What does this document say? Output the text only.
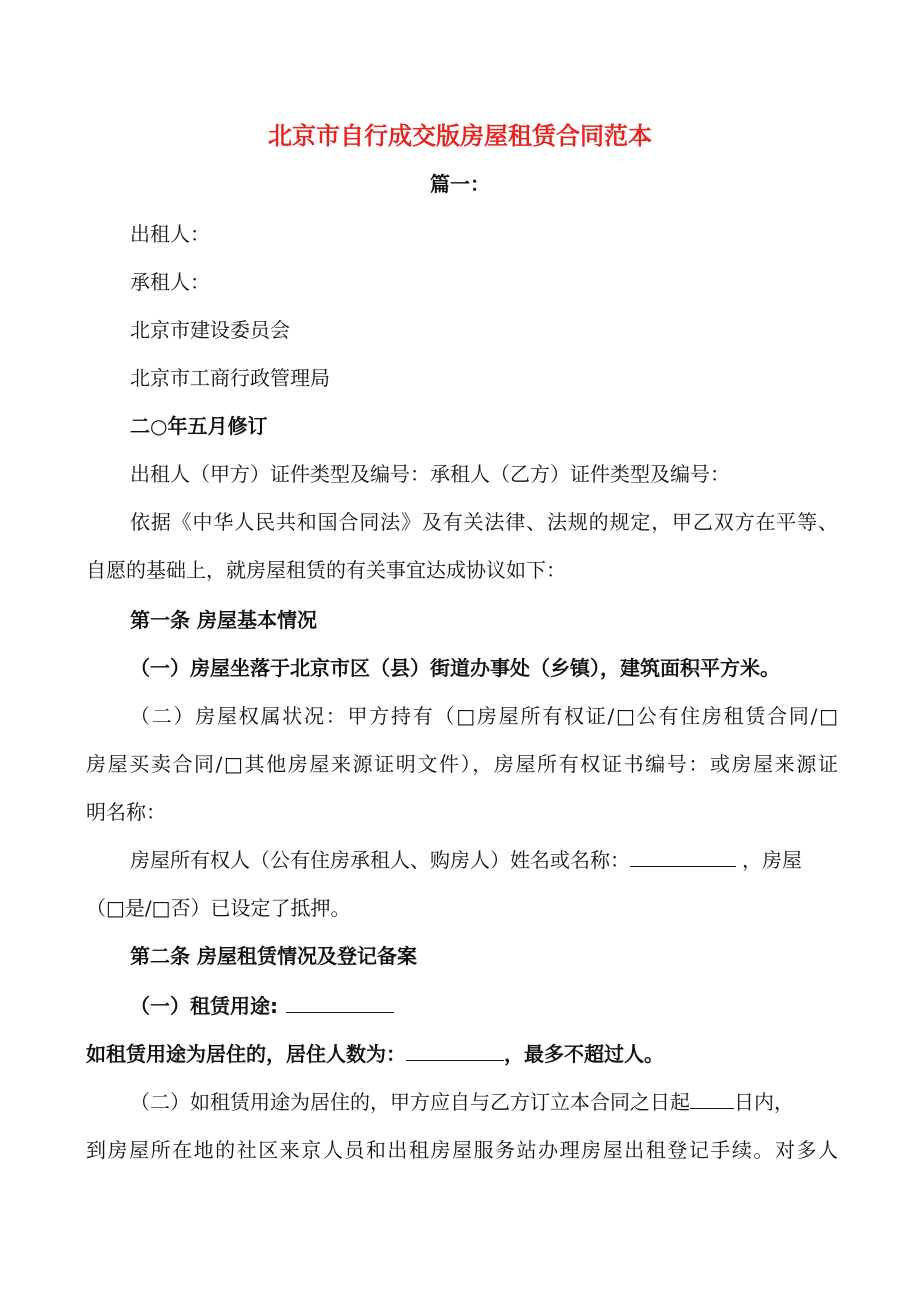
北京市自行成交版房屋租赁合同范本
篇一：
出租人：
承租人：
北京市建设委员会
北京市工商行政管理局
二○年五月修订
出租人（甲方）证件类型及编号：承租人（乙方）证件类型及编号：
依据《中华人民共和国合同法》及有关法律、法规的规定，甲乙双方在平等、
自愿的基础上，就房屋租赁的有关事宜达成协议如下：
第一条 房屋基本情况
（一）房屋坐落于北京市区（县）街道办事处（乡镇），建筑面积平方米。
（二）房屋权属状况：甲方持有（□房屋所有权证/□公有住房租赁合同/□
房屋买卖合同/□其他房屋来源证明文件），房屋所有权证书编号：或房屋来源证
明名称：
房屋所有权人（公有住房承租人、购房人）姓名或名称：	，房屋
（□是/□否）已设定了抵押。
第二条 房屋租赁情况及登记备案
（一）租赁用途:
如租赁用途为居住的，居住人数为：	，最多不超过人。
（二）如租赁用途为居住的，甲方应自与乙方订立本合同之日起 日内，
到房屋所在地的社区来京人员和出租房屋服务站办理房屋出租登记手续。对多人
